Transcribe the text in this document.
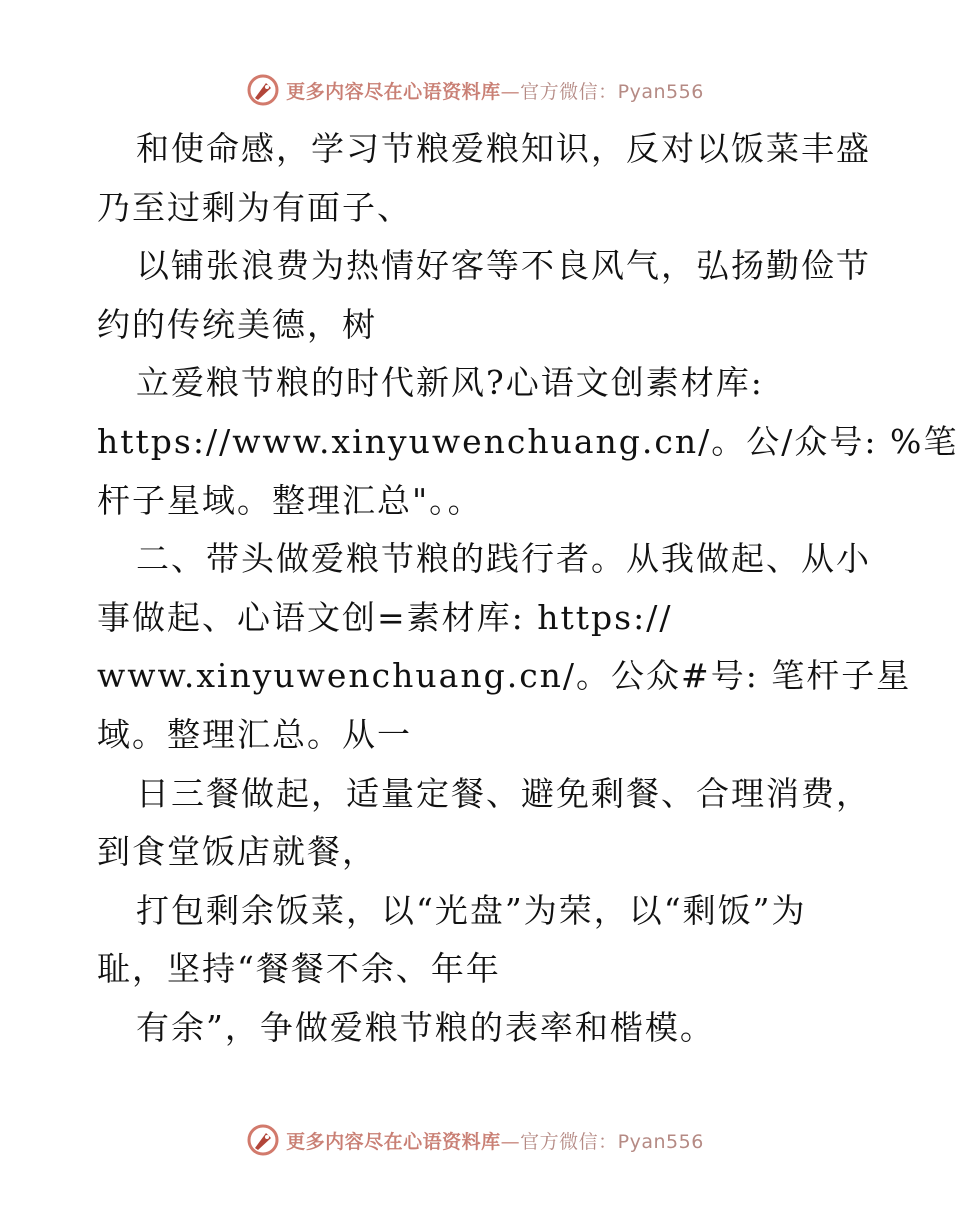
更多内容尽在心语资料库—官方微信：Pyan556
和使命感，学习节粮爱粮知识，反对以饭菜丰盛
乃至过剩为有面子、
以铺张浪费为热情好客等不良风气，弘扬勤俭节
约的传统美德，树
立爱粮节粮的时代新风?心语文创素材库:
https://www.xinyuwenchuang.cn/。公/众号: %笔
杆子星域。整理汇总"。。
二、带头做爱粮节粮的践行者。从我做起、从小
事做起、心语文创=素材库: https://
www.xinyuwenchuang.cn/。公众#号: 笔杆子星
域。整理汇总。从一
日三餐做起，适量定餐、避免剩餐、合理消费，
到食堂饭店就餐，
打包剩余饭菜，以“光盘”为荣，以“剩饭”为
耻，坚持“餐餐不余、年年
有余”，争做爱粮节粮的表率和楷模。
更多内容尽在心语资料库—官方微信：Pyan556
